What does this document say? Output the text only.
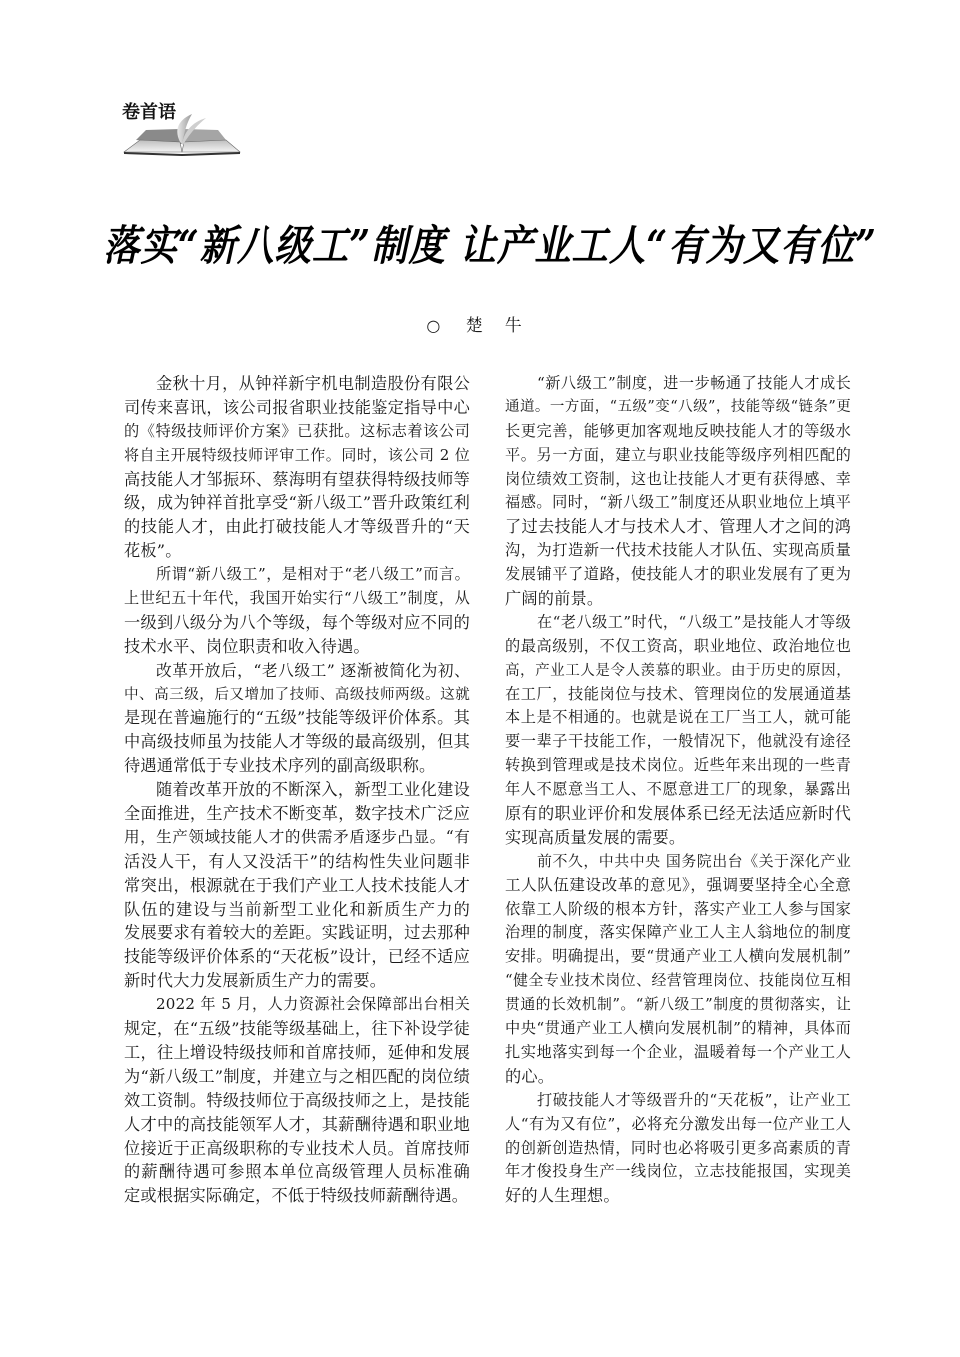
卷首语
落实“新八级工”制度 让产业工人“有为又有位”
○ 楚 牛
金秋十月，从钟祥新宇机电制造股份有限公
司传来喜讯，该公司报省职业技能鉴定指导中心
的《特级技师评价方案》已获批。这标志着该公司
将自主开展特级技师评审工作。同时，该公司 2 位
高技能人才邹振环、蔡海明有望获得特级技师等
级，成为钟祥首批享受“新八级工”晋升政策红利
的技能人才，由此打破技能人才等级晋升的“天
花板”。
所谓“新八级工”，是相对于“老八级工”而言。
上世纪五十年代，我国开始实行“八级工”制度，从
一级到八级分为八个等级，每个等级对应不同的
技术水平、岗位职责和收入待遇。
改革开放后，“老八级工” 逐渐被简化为初、
中、高三级，后又增加了技师、高级技师两级。这就
是现在普遍施行的“五级”技能等级评价体系。其
中高级技师虽为技能人才等级的最高级别，但其
待遇通常低于专业技术序列的副高级职称。
随着改革开放的不断深入，新型工业化建设
全面推进，生产技术不断变革，数字技术广泛应
用，生产领域技能人才的供需矛盾逐步凸显。“有
活没人干，有人又没活干”的结构性失业问题非
常突出，根源就在于我们产业工人技术技能人才
队伍的建设与当前新型工业化和新质生产力的
发展要求有着较大的差距。实践证明，过去那种
技能等级评价体系的“天花板”设计，已经不适应
新时代大力发展新质生产力的需要。
2022 年 5 月，人力资源社会保障部出台相关
规定，在“五级”技能等级基础上，往下补设学徒
工，往上增设特级技师和首席技师，延伸和发展
为“新八级工”制度，并建立与之相匹配的岗位绩
效工资制。特级技师位于高级技师之上，是技能
人才中的高技能领军人才，其薪酬待遇和职业地
位接近于正高级职称的专业技术人员。首席技师
的薪酬待遇可参照本单位高级管理人员标准确
定或根据实际确定，不低于特级技师薪酬待遇。
“新八级工”制度，进一步畅通了技能人才成长
通道。一方面，“五级”变“八级”，技能等级“链条”更
长更完善，能够更加客观地反映技能人才的等级水
平。另一方面，建立与职业技能等级序列相匹配的
岗位绩效工资制，这也让技能人才更有获得感、幸
福感。同时，“新八级工”制度还从职业地位上填平
了过去技能人才与技术人才、管理人才之间的鸿
沟，为打造新一代技术技能人才队伍、实现高质量
发展铺平了道路，使技能人才的职业发展有了更为
广阔的前景。
在“老八级工”时代，“八级工”是技能人才等级
的最高级别，不仅工资高，职业地位、政治地位也
高，产业工人是令人羡慕的职业。由于历史的原因，
在工厂，技能岗位与技术、管理岗位的发展通道基
本上是不相通的。也就是说在工厂当工人，就可能
要一辈子干技能工作，一般情况下，他就没有途径
转换到管理或是技术岗位。近些年来出现的一些青
年人不愿意当工人、不愿意进工厂的现象，暴露出
原有的职业评价和发展体系已经无法适应新时代
实现高质量发展的需要。
前不久，中共中央 国务院出台《关于深化产业
工人队伍建设改革的意见》，强调要坚持全心全意
依靠工人阶级的根本方针，落实产业工人参与国家
治理的制度，落实保障产业工人主人翁地位的制度
安排。明确提出，要“贯通产业工人横向发展机制”
“健全专业技术岗位、经营管理岗位、技能岗位互相
贯通的长效机制”。“新八级工”制度的贯彻落实，让
中央“贯通产业工人横向发展机制”的精神，具体而
扎实地落实到每一个企业，温暖着每一个产业工人
的心。
打破技能人才等级晋升的“天花板”，让产业工
人“有为又有位”，必将充分激发出每一位产业工人
的创新创造热情，同时也必将吸引更多高素质的青
年才俊投身生产一线岗位，立志技能报国，实现美
好的人生理想。
